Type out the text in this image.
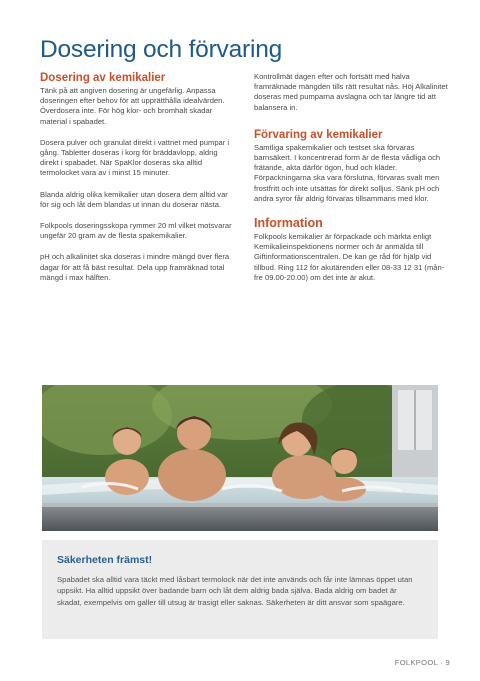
Dosering och förvaring
Dosering av kemikalier

Tänk på att angiven dosering är ungefärlig. Anpassa doseringen efter behov för att upprätthålla idealvärden. Överdosera inte. För hög klor- och bromhalt skadar material i spabadet.

Dosera pulver och granulat direkt i vattnet med pumpar i gång. Tabletter doseras i korg för bräddavlopp, aldrig direkt i spabadet. När SpaKlor doseras ska alltid termolocket vara av i minst 15 minuter.

Blanda aldrig olika kemikalier utan dosera dem alltid var för sig och låt dem blandas ut innan du doserar nästa.

Folkpools doseringsskopa rymmer 20 ml vilket motsvarar ungefär 20 gram av de flesta spakemikalier.

pH och alkalinitet ska doseras i mindre mängd över flera dagar för att få bäst resultat. Dela upp framräknad total mängd i max hälften.

Kontrollmät dagen efter och fortsätt med halva framräknade mängden tills rätt resultat nås. Höj Alkalinitet doseras med pumparna avslagna och tar längre tid att balansera in.

Förvaring av kemikalier

Samtliga spakemikalier och testset ska förvaras barnsäkert. I koncentrerad form är de flesta vådliga och frätande, akta därför ögon, hud och kläder. Förpackningarna ska vara förslutna, förvaras svalt men frostfritt och inte utsättas för direkt solljus. Sänk pH och andra syror får aldrig förvaras tillsammans med klor.

Information

Folkpools kemikalier är förpackade och märkta enligt Kemikalieinspektionens normer och är anmälda till Giftinformationscentralen. De kan ge råd för hjälp vid tillbud. Ring 112 för akutärenden eller 08-33 12 31 (mån-fre 09.00-20.00) om det inte är akut.

Säkerheten främst!

Spabadet ska alltid vara täckt med låsbart termolock när det inte används och får inte lämnas öppet utan uppsikt. Ha alltid uppsikt över badande barn och låt dem aldrig bada själva. Bada aldrig om badet är skadat, exempelvis om galler till utsug är trasigt eller saknas. Säkerheten är ditt ansvar som spaägare.

FOLKPOOL · 9
